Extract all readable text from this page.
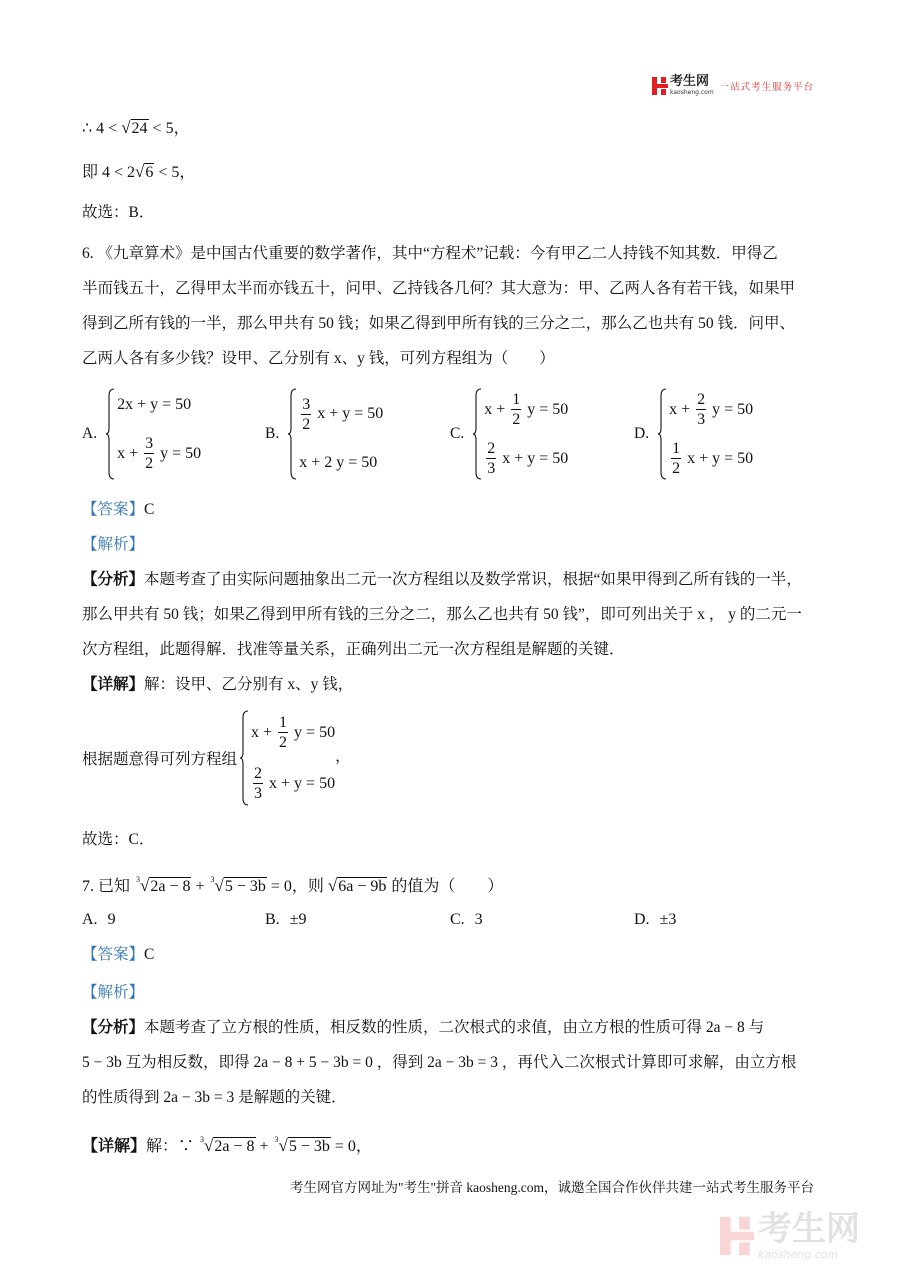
考生网
kaosheng.com 一站式考生服务平台
∴ 4 < √24 < 5，
即 4 < 2√6 < 5，
故选：B．
6. 《九章算术》是中国古代重要的数学著作，其中“方程术”记载：今有甲乙二人持钱不知其数．甲得乙
半而钱五十，乙得甲太半而亦钱五十，问甲、乙持钱各几何？其大意为：甲、乙两人各有若干钱，如果甲
得到乙所有钱的一半，那么甲共有 50 钱；如果乙得到甲所有钱的三分之二，那么乙也共有 50 钱．问甲、
乙两人各有多少钱？设甲、乙分别有 x、y 钱，可列方程组为（　　）
A.
2x + y = 50
$x + \frac{3}{2}$ y = 50
B. $\frac{3}{2}$ x + y = 50
x + 2 y = 50
C.
$x + \frac{1}{2}$ y = 50
$\frac{2}{3}$ x + y = 50
D.
$x + \frac{2}{3}$ y = 50
$\frac{1}{2}$ x + y = 50
【答案】C
【解析】
【分析】本题考查了由实际问题抽象出二元一次方程组以及数学常识，根据“如果甲得到乙所有钱的一半，
那么甲共有 50 钱；如果乙得到甲所有钱的三分之二，那么乙也共有 50 钱”，即可列出关于 x ， y 的二元一
次方程组，此题得解．找准等量关系，正确列出二元一次方程组是解题的关键．
【详解】解：设甲、乙分别有 x、y 钱，
根据题意得可列方程组
$x + \frac{1}{2}$ y = 50
$\frac{2}{3}$ x + y = 50
，
故选：C．
7. 已知 $^3$√2a − 8 + $^3$√5 − 3b = 0，则 √6a − 9b 的值为（　　）
A. 9	B. ±9	C. 3	D. ±3
【答案】C
【解析】
【分析】本题考查了立方根的性质，相反数的性质，二次根式的求值，由立方根的性质可得 2a − 8 与
5 − 3b 互为相反数，即得 2a − 8 + 5 − 3b = 0 ，得到 2a − 3b = 3 ，再代入二次根式计算即可求解，由立方根
的性质得到 2a − 3b = 3 是解题的关键．
【详解】解：∵ $^3$√2a − 8 + $^3$√5 − 3b = 0，
考生网官方网址为"考生"拼音 kaosheng.com，诚邀全国合作伙伴共建一站式考生服务平台
考生网
kaosheng.com
